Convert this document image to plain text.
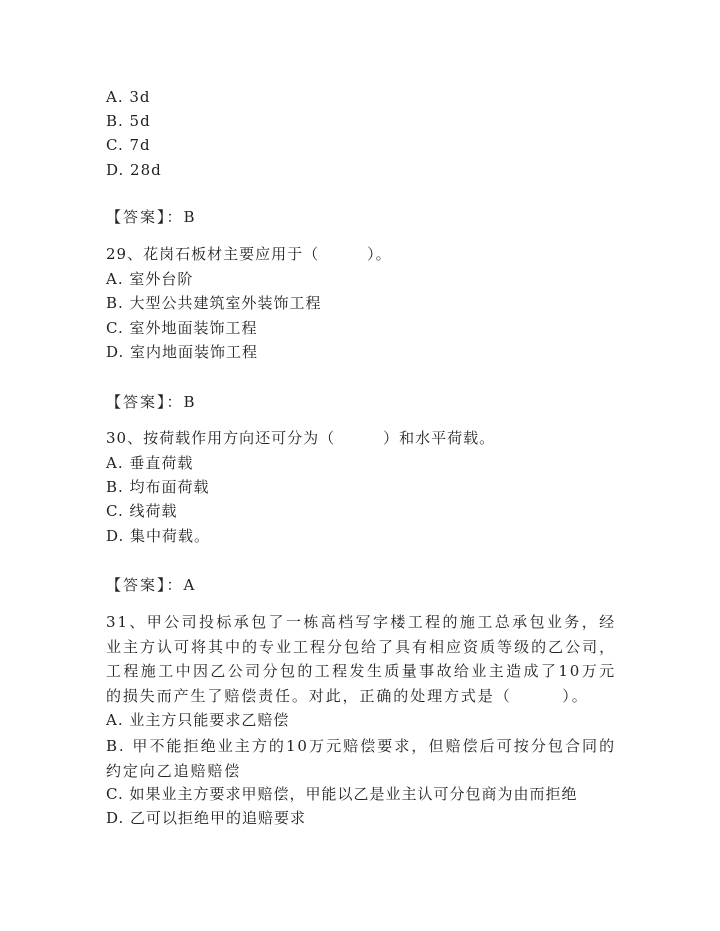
A. 3d
B. 5d
C. 7d
D. 28d
【答案】：B
29、花岗石板材主要应用于（　　　）。
A. 室外台阶
B. 大型公共建筑室外装饰工程
C. 室外地面装饰工程
D. 室内地面装饰工程
【答案】：B
30、按荷载作用方向还可分为（　　　）和水平荷载。
A. 垂直荷载
B. 均布面荷载
C. 线荷载
D. 集中荷载。
【答案】：A
31、甲公司投标承包了一栋高档写字楼工程的施工总承包业务，经业主方认可将其中的专业工程分包给了具有相应资质等级的乙公司，工程施工中因乙公司分包的工程发生质量事故给业主造成了10万元的损失而产生了赔偿责任。对此，正确的处理方式是（　　　）。
A. 业主方只能要求乙赔偿
B. 甲不能拒绝业主方的10万元赔偿要求，但赔偿后可按分包合同的约定向乙追赔赔偿
C. 如果业主方要求甲赔偿，甲能以乙是业主认可分包商为由而拒绝
D. 乙可以拒绝甲的追赔要求
